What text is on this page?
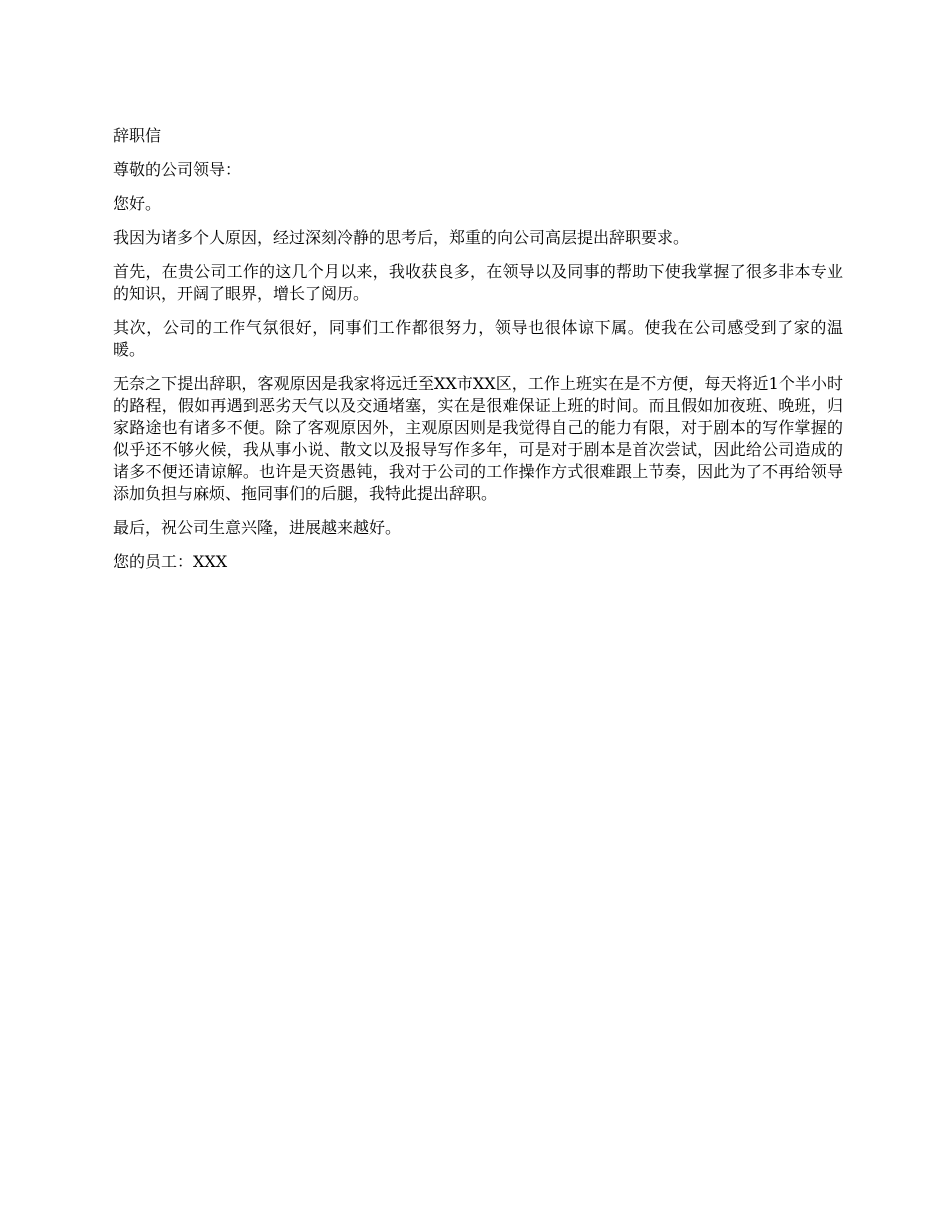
辞职信

尊敬的公司领导：

您好。

我因为诸多个人原因，经过深刻冷静的思考后，郑重的向公司高层提出辞职要求。

首先，在贵公司工作的这几个月以来，我收获良多，在领导以及同事的帮助下使我掌握了很多非本专业的知识，开阔了眼界，增长了阅历。

其次，公司的工作气氛很好，同事们工作都很努力，领导也很体谅下属。使我在公司感受到了家的温暖。

无奈之下提出辞职，客观原因是我家将远迁至XX市XX区，工作上班实在是不方便，每天将近1个半小时的路程，假如再遇到恶劣天气以及交通堵塞，实在是很难保证上班的时间。而且假如加夜班、晚班，归家路途也有诸多不便。除了客观原因外，主观原因则是我觉得自己的能力有限，对于剧本的写作掌握的似乎还不够火候，我从事小说、散文以及报导写作多年，可是对于剧本是首次尝试，因此给公司造成的诸多不便还请谅解。也许是天资愚钝，我对于公司的工作操作方式很难跟上节奏，因此为了不再给领导添加负担与麻烦、拖同事们的后腿，我特此提出辞职。

最后，祝公司生意兴隆，进展越来越好。

您的员工：XXX
